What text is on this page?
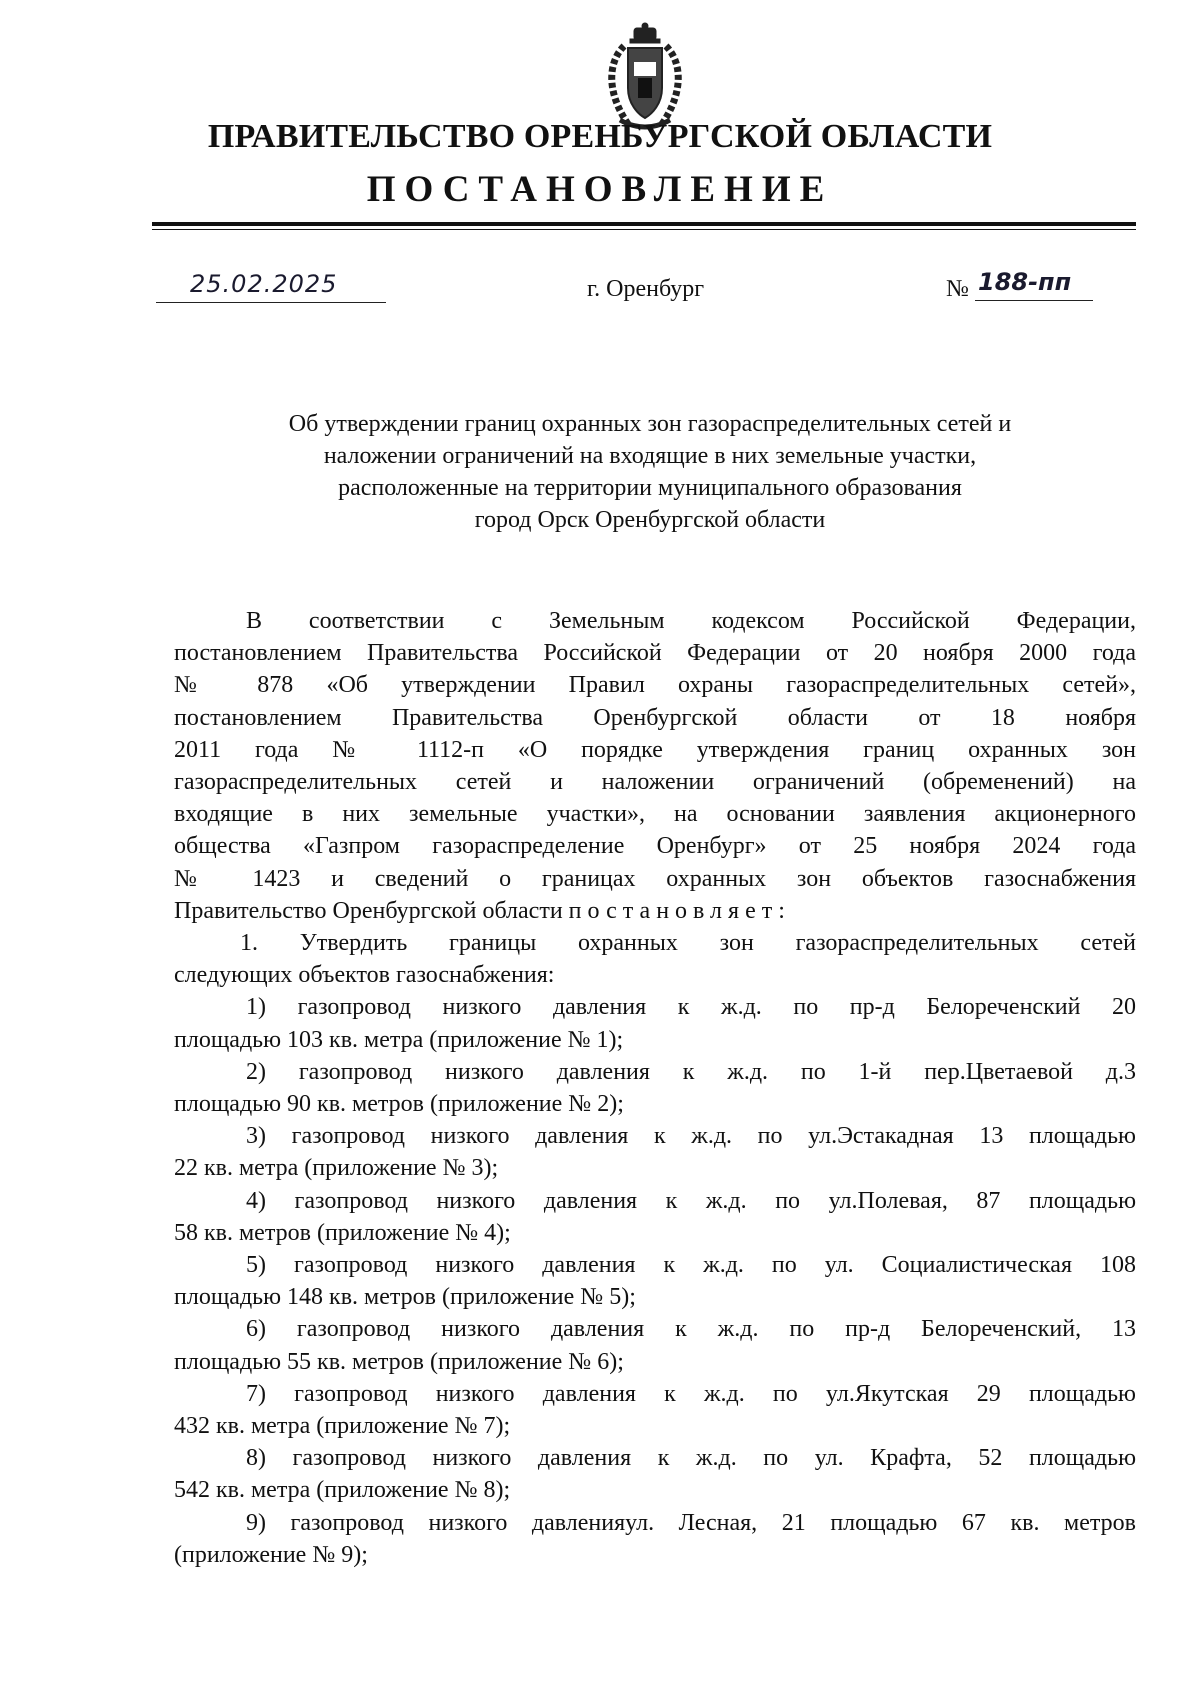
ПРАВИТЕЛЬСТВО ОРЕНБУРГСКОЙ ОБЛАСТИ
ПОСТАНОВЛЕНИЕ
25.02.2025	г. Оренбург	№ 188-пп
Об утверждении границ охранных зон газораспределительных сетей и
наложении ограничений на входящие в них земельные участки,
расположенные на территории муниципального образования
город Орск Оренбургской области
В соответствии с Земельным кодексом Российской Федерации,
постановлением Правительства Российской Федерации от 20 ноября 2000 года
№ 878 «Об утверждении Правил охраны газораспределительных сетей»,
постановлением Правительства Оренбургской области от 18 ноября
2011 года № 1112-п «О порядке утверждения границ охранных зон
газораспределительных сетей и наложении ограничений (обременений) на
входящие в них земельные участки», на основании заявления акционерного
общества «Газпром газораспределение Оренбург» от 25 ноября 2024 года
№ 1423 и сведений о границах охранных зон объектов газоснабжения
Правительство Оренбургской области постановляет:
1. Утвердить границы охранных зон газораспределительных сетей
следующих объектов газоснабжения:
1) газопровод низкого давления к ж.д. по пр-д Белореченский 20
площадью 103 кв. метра (приложение № 1);
2) газопровод низкого давления к ж.д. по 1-й пер.Цветаевой д.3
площадью 90 кв. метров (приложение № 2);
3) газопровод низкого давления к ж.д. по ул.Эстакадная 13 площадью
22 кв. метра (приложение № 3);
4) газопровод низкого давления к ж.д. по ул.Полевая, 87 площадью
58 кв. метров (приложение № 4);
5) газопровод низкого давления к ж.д. по ул. Социалистическая 108
площадью 148 кв. метров (приложение № 5);
6) газопровод низкого давления к ж.д. по пр-д Белореченский, 13
площадью 55 кв. метров (приложение № 6);
7) газопровод низкого давления к ж.д. по ул.Якутская 29 площадью
432 кв. метра (приложение № 7);
8) газопровод низкого давления к ж.д. по ул. Крафта, 52 площадью
542 кв. метра (приложение № 8);
9) газопровод низкого давленияул. Лесная, 21 площадью 67 кв. метров
(приложение № 9);
